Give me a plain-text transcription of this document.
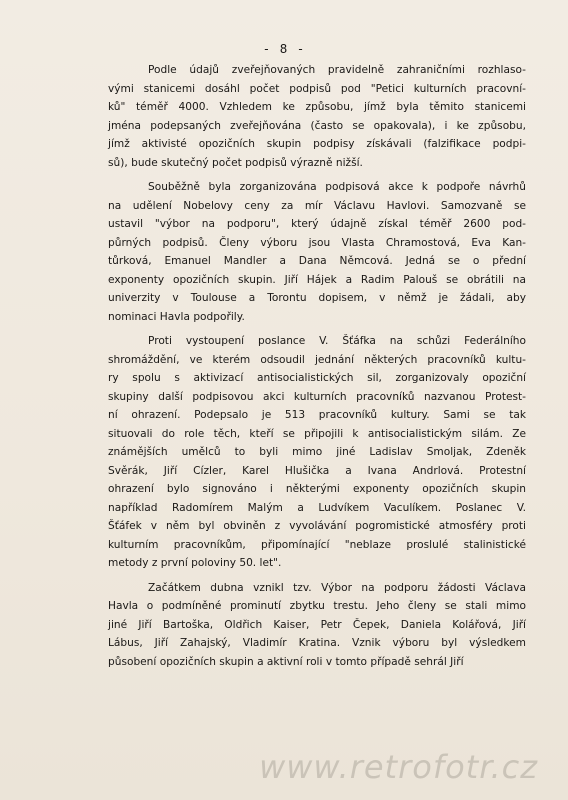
- 8 -
Podle údajů zveřejňovaných pravidelně zahraničními rozhlaso-
vými stanicemi dosáhl počet podpisů pod "Petici kulturních pracovní-
ků" téměř 4000. Vzhledem ke způsobu, jímž byla těmito stanicemi
jména podepsaných zveřejňována (často se opakovala), i ke způsobu,
jímž aktivisté opozičních skupin podpisy získávali (falzifikace podpi-
sů), bude skutečný počet podpisů výrazně nižší.
Souběžně byla zorganizována podpisová akce k podpoře návrhů
na udělení Nobelovy ceny za mír Václavu Havlovi. Samozvaně se
ustavil "výbor na podporu", který údajně získal téměř 2600 pod-
půrných podpisů. Členy výboru jsou Vlasta Chramostová, Eva Kan-
tůrková, Emanuel Mandler a Dana Němcová. Jedná se o přední
exponenty opozičních skupin. Jiří Hájek a Radim Palouš se obrátili na
univerzity v Toulouse a Torontu dopisem, v němž je žádali, aby
nominaci Havla podpořily.
Proti vystoupení poslance V. Šťáfka na schůzi Federálního
shromáždění, ve kterém odsoudil jednání některých pracovníků kultu-
ry spolu s aktivizací antisocialistických sil, zorganizovaly opoziční
skupiny další podpisovou akci kulturních pracovníků nazvanou Protest-
ní ohrazení. Podepsalo je 513 pracovníků kultury. Sami se tak
situovali do role těch, kteří se připojili k antisocialistickým silám. Ze
známějších umělců to byli mimo jiné Ladislav Smoljak, Zdeněk
Svěrák, Jiří Cízler, Karel Hlušička a Ivana Andrlová. Protestní
ohrazení bylo signováno i některými exponenty opozičních skupin
například Radomírem Malým a Ludvíkem Vaculíkem. Poslanec V.
Šťáfek v něm byl obviněn z vyvolávání pogromistické atmosféry proti
kulturním pracovníkům, připomínající "neblaze proslulé stalinistické
metody z první poloviny 50. let".
Začátkem dubna vznikl tzv. Výbor na podporu žádosti Václava
Havla o podmíněné prominutí zbytku trestu. Jeho členy se stali mimo
jiné Jiří Bartoška, Oldřich Kaiser, Petr Čepek, Daniela Kolářová, Jiří
Lábus, Jiří Zahajský, Vladimír Kratina. Vznik výboru byl výsledkem
působení opozičních skupin a aktivní roli v tomto případě sehrál Jiří
www.retrofotr.cz
